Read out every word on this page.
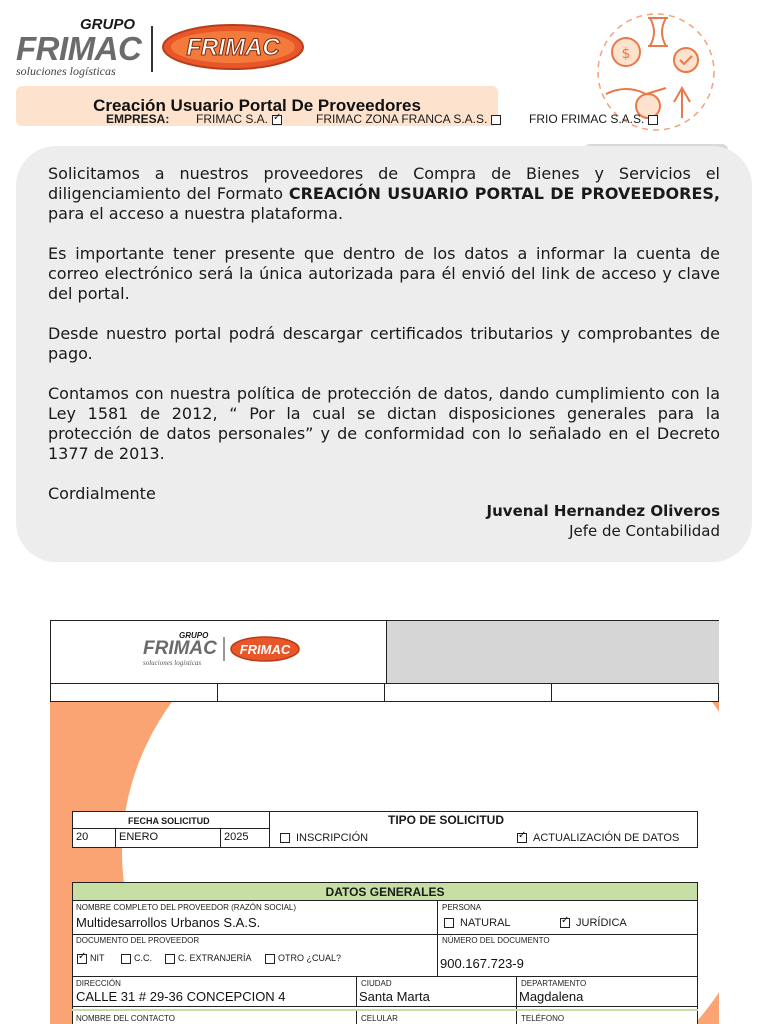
GRUPO
FRIMAC
soluciones logísticas
FRIMAC
Creación Usuario Portal De Proveedores
$

Solicitamos a nuestros proveedores de Compra de Bienes y Servicios el diligenciamiento del Formato CREACIÓN USUARIO PORTAL DE PROVEEDORES, para el acceso a nuestra plataforma.

Es importante tener presente que dentro de los datos a informar la cuenta de correo electrónico será la única autorizada para él envió del link de acceso y clave del portal.

Desde nuestro portal podrá descargar certificados tributarios y comprobantes de pago.

Contamos con nuestra política de protección de datos, dando cumplimiento con la Ley 1581 de 2012, “ Por la cual se dictan disposiciones generales para la protección de datos personales” y de conformidad con lo señalado en el Decreto 1377 de 2013.

Cordialmente

Juvenal Hernandez Oliveros
Jefe de Contabilidad
GRUPO
FRIMAC
soluciones logísticas
FRIMAC
EMPRESA: FRIMAC S.A. ✓	FRIMAC ZONA FRANCA S.A.S.	FRIO FRIMAC S.A.S.
FECHA SOLICITUD
20	ENERO	2025
TIPO DE SOLICITUD
INSCRIPCIÓN ✓	ACTUALIZACIÓN DE DATOS
DATOS GENERALES
NOMBRE COMPLETO DEL PROVEEDOR (RAZÓN SOCIAL)
Multidesarrollos Urbanos S.A.S.
PERSONA
NATURAL ✓	JURÍDICA
DOCUMENTO DEL PROVEEDOR
✓NIT	C.C.	C. EXTRANJERÍA	OTRO ¿CUAL?
NÚMERO DEL DOCUMENTO
900.167.723-9
DIRECCIÓN
CALLE 31 # 29-36 CONCEPCION 4
CIUDAD
Santa Marta
DEPARTAMENTO
Magdalena
NOMBRE DEL CONTACTO	CELULAR	TELÉFONO
